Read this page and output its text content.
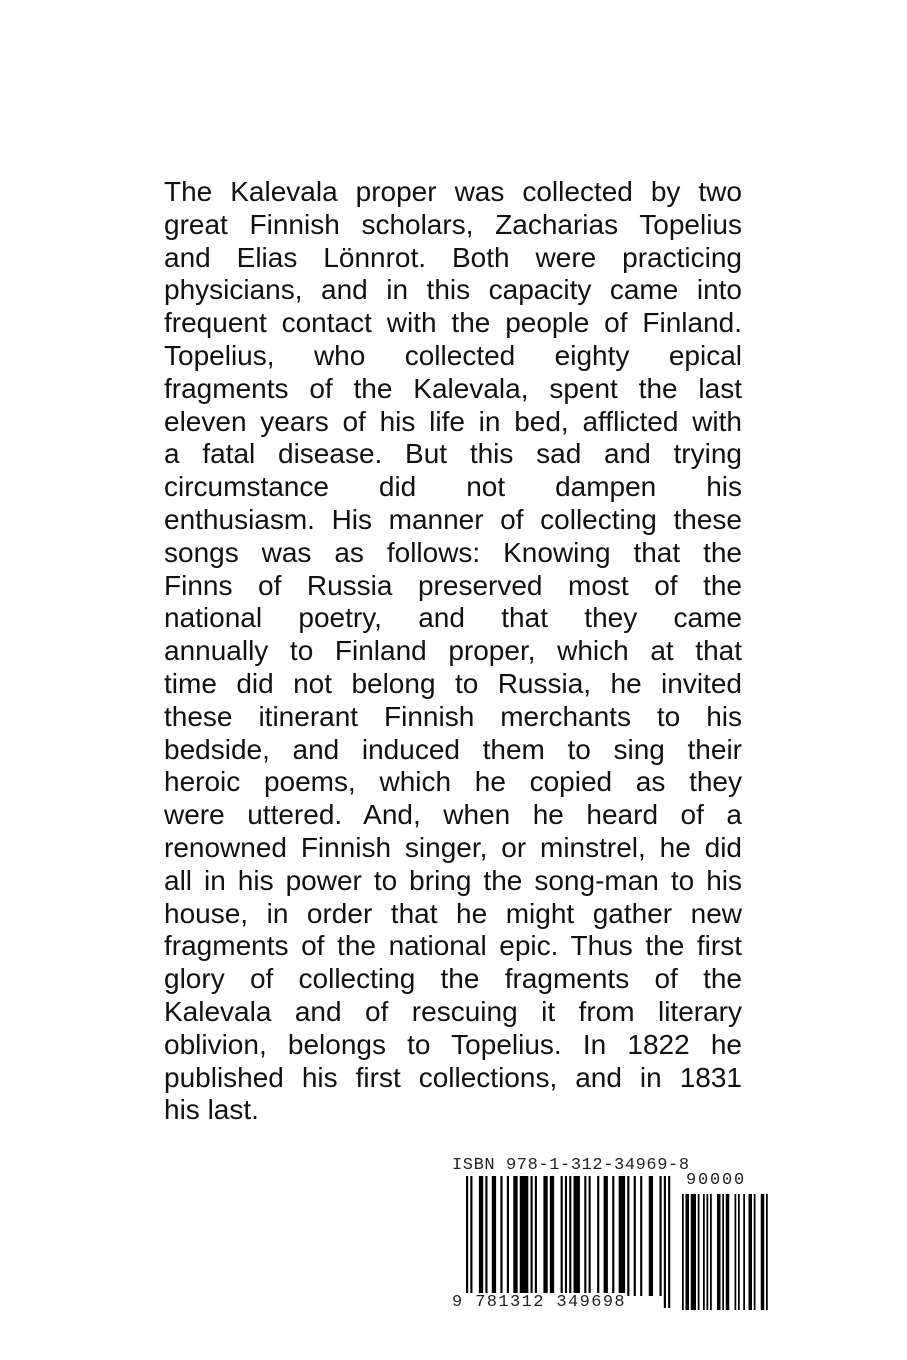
The Kalevala proper was collected by two
great Finnish scholars, Zacharias Topelius
and Elias Lönnrot. Both were practicing
physicians, and in this capacity came into
frequent contact with the people of Finland.
Topelius, who collected eighty epical
fragments of the Kalevala, spent the last
eleven years of his life in bed, afflicted with
a fatal disease. But this sad and trying
circumstance did not dampen his
enthusiasm. His manner of collecting these
songs was as follows: Knowing that the
Finns of Russia preserved most of the
national poetry, and that they came
annually to Finland proper, which at that
time did not belong to Russia, he invited
these itinerant Finnish merchants to his
bedside, and induced them to sing their
heroic poems, which he copied as they
were uttered. And, when he heard of a
renowned Finnish singer, or minstrel, he did
all in his power to bring the song-man to his
house, in order that he might gather new
fragments of the national epic. Thus the first
glory of collecting the fragments of the
Kalevala and of rescuing it from literary
oblivion, belongs to Topelius. In 1822 he
published his first collections, and in 1831
his last.
ISBN 978-1-312-34969-8
90000
9 781312 349698
